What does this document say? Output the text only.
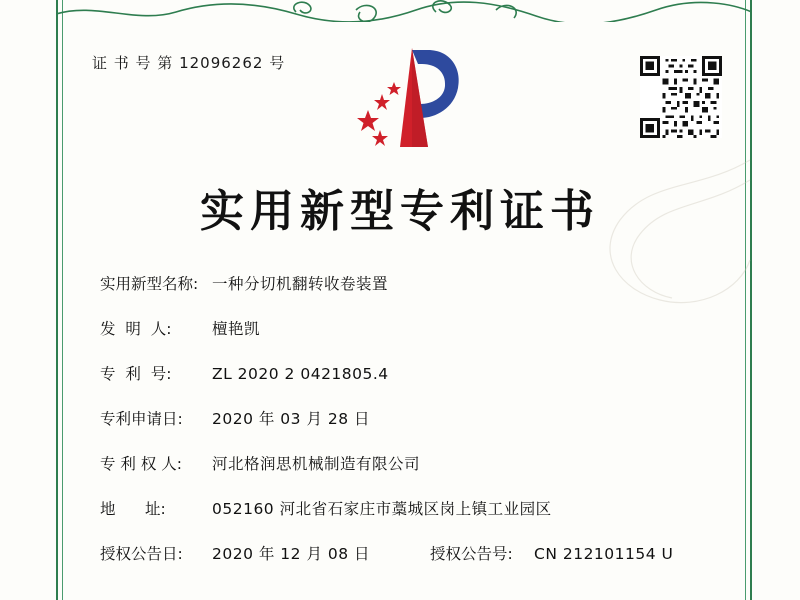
证 书 号 第 12096262 号
实用新型专利证书
实用新型名称: 一种分切机翻转收卷装置
发  明  人:	檀艳凯
专  利  号:	ZL 2020 2 0421805.4
专利申请日:	2020 年 03 月 28 日
专 利 权 人:	河北格润思机械制造有限公司
地      址:	052160 河北省石家庄市藁城区岗上镇工业园区
授权公告日:	2020 年 12 月 08 日	授权公告号:	CN 212101154 U
